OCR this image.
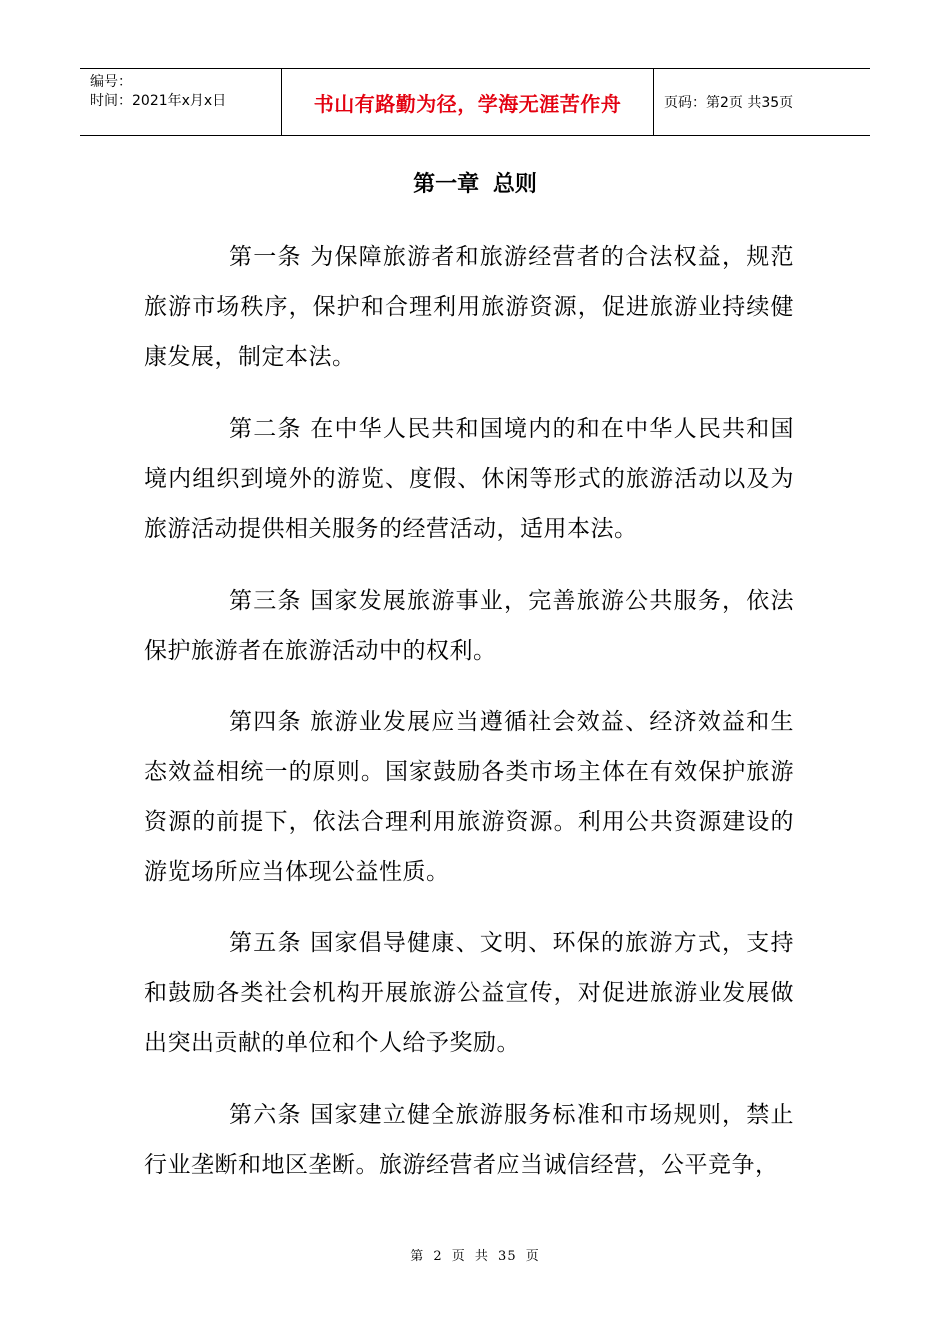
编号：
时间：2021年x月x日	书山有路勤为径，学海无涯苦作舟	页码：第2页 共35页
第一章 总则

第一条 为保障旅游者和旅游经营者的合法权益，规范旅游市场秩序，保护和合理利用旅游资源，促进旅游业持续健康发展，制定本法。

第二条 在中华人民共和国境内的和在中华人民共和国境内组织到境外的游览、度假、休闲等形式的旅游活动以及为旅游活动提供相关服务的经营活动，适用本法。

第三条 国家发展旅游事业，完善旅游公共服务，依法保护旅游者在旅游活动中的权利。

第四条 旅游业发展应当遵循社会效益、经济效益和生态效益相统一的原则。国家鼓励各类市场主体在有效保护旅游资源的前提下，依法合理利用旅游资源。利用公共资源建设的游览场所应当体现公益性质。

第五条 国家倡导健康、文明、环保的旅游方式，支持和鼓励各类社会机构开展旅游公益宣传，对促进旅游业发展做出突出贡献的单位和个人给予奖励。

第六条 国家建立健全旅游服务标准和市场规则，禁止行业垄断和地区垄断。旅游经营者应当诚信经营，公平竞争，

第 2 页 共 35 页
